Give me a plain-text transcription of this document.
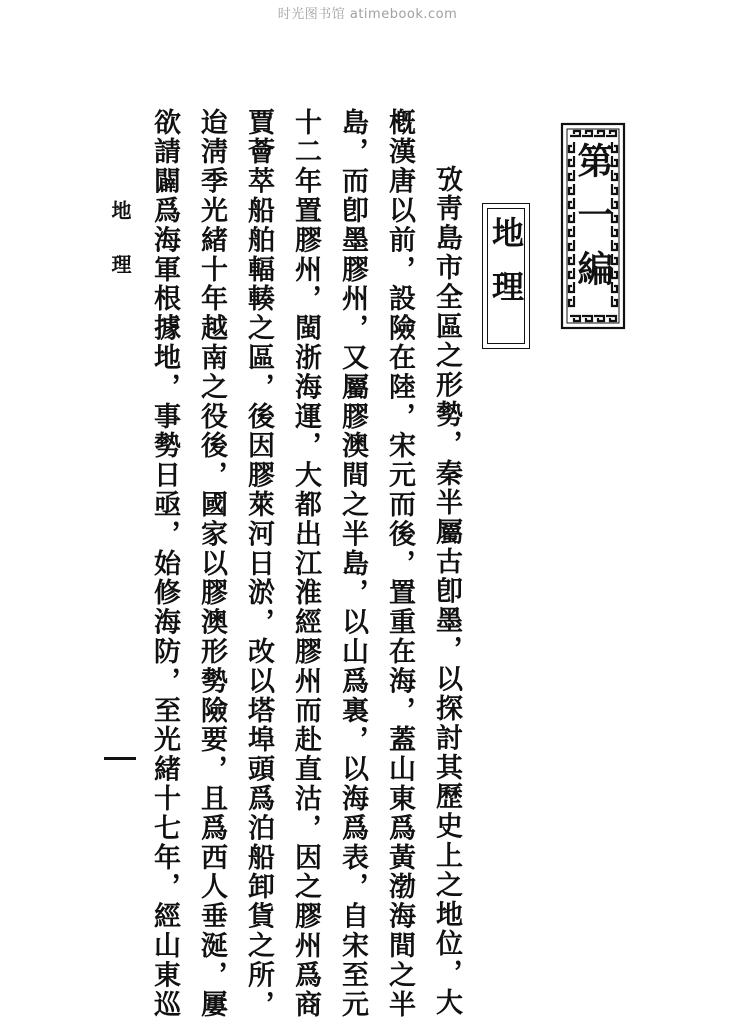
时光图书馆 atimebook.com
第一編
地理
攷靑島市全區之形勢，秦半屬古卽墨，以探討其歷史上之地位，大
槪漢唐以前，設險在陸，宋元而後，置重在海，蓋山東爲黃渤海間之半
島，而卽墨膠州，又屬膠澳間之半島，以山爲裏，以海爲表，自宋至元
十二年置膠州，閩浙海運，大都出江淮經膠州而赴直沽，因之膠州爲商
賈薈萃船舶輻輳之區，後因膠萊河日淤，改以塔埠頭爲泊船卸貨之所，
迨淸季光緒十年越南之役後，國家以膠澳形勢險要，且爲西人垂涎，屢
欲請闢爲海軍根據地，事勢日亟，始修海防，至光緒十七年，經山東巡
地理
